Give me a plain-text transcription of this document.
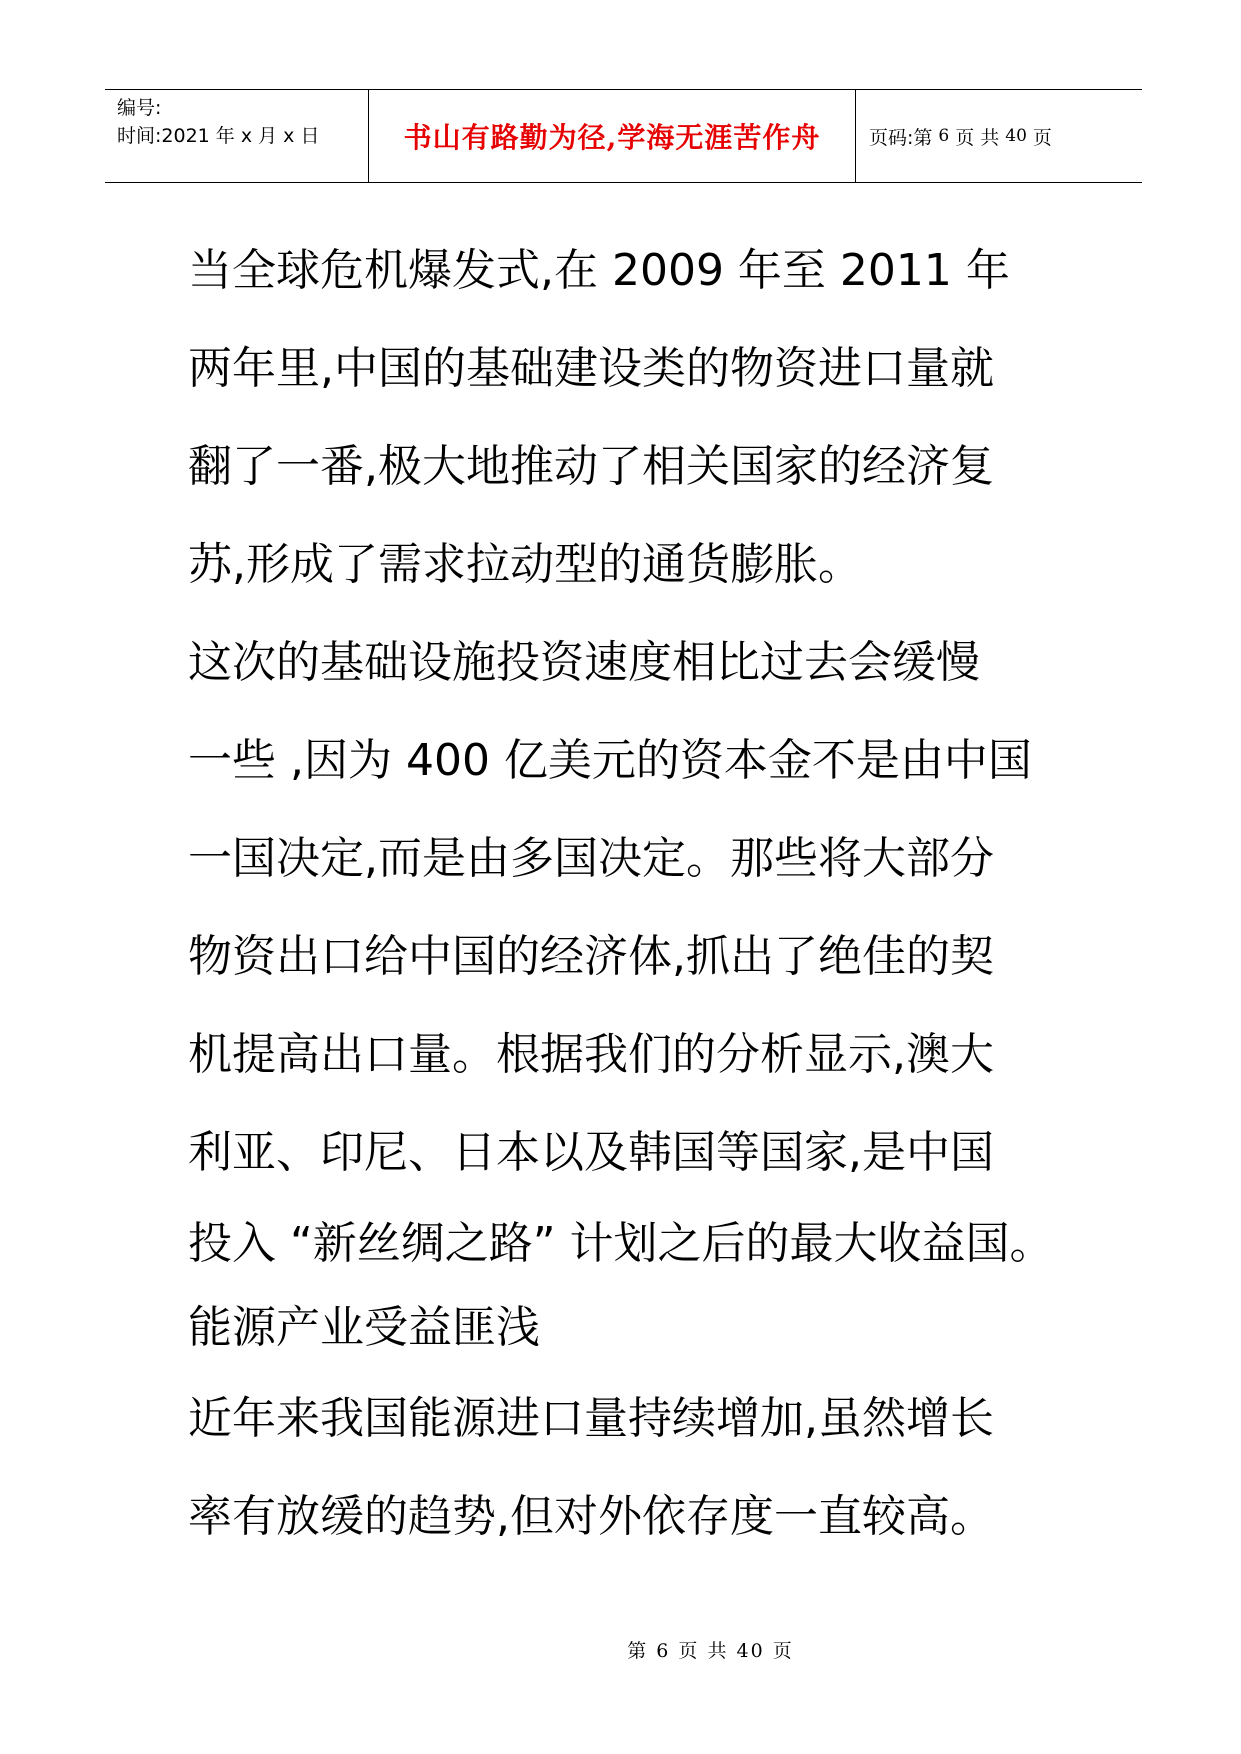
编号:
时间:2021 年 x 月 x 日	书山有路勤为径,学海无涯苦作舟	页码:第 6 页 共 40 页

当全球危机爆发式,在 2009 年至 2011 年

两年里,中国的基础建设类的物资进口量就

翻了一番,极大地推动了相关国家的经济复

苏,形成了需求拉动型的通货膨胀。

这次的基础设施投资速度相比过去会缓慢

一些 ,因为 400 亿美元的资本金不是由中国

一国决定,而是由多国决定。那些将大部分

物资出口给中国的经济体,抓出了绝佳的契

机提高出口量。根据我们的分析显示,澳大

利亚、印尼、日本以及韩国等国家,是中国

投入 “新丝绸之路” 计划之后的最大收益国。

能源产业受益匪浅

近年来我国能源进口量持续增加,虽然增长

率有放缓的趋势,但对外依存度一直较高。

第 6 页 共 40 页
